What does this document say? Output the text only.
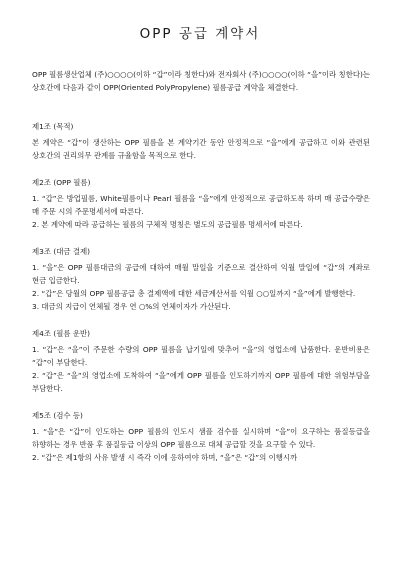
OPP 공급 계약서

OPP 필름생산업체 (주)○○○○(이하 “갑”이라 칭한다)와 전자회사 (주)○○○○(이하 “을”이라 칭한다)는 상호간에 다음과 같이 OPP(Oriented PolyPropylene) 필름공급 계약을 체결한다.

제1조 (목적)

본 계약은 “갑”이 생산하는 OPP 필름을 본 계약기간 동안 안정적으로 “을”에게 공급하고 이와 관련된 상호간의 권리의무 관계를 규율함을 목적으로 한다.

제2조 (OPP 필름)

1. “갑”은 방업필름, White필름이나 Pearl 필름을 “을”에게 안정적으로 공급하도록 하며 매 공급수량은 매 주문 시의 주문명세서에 따른다.

2. 본 계약에 따라 공급하는 필름의 구체적 명칭은 별도의 공급필름 명세서에 따른다.

제3조 (대금 결제)

1. “을”은 OPP 필름대금의 공급에 대하여 매월 말일을 기준으로 결산하여 익월 말일에 “갑”의 계좌로 현금 입금한다.

2. “갑”은 당월의 OPP 필름공급 총 결제액에 대한 세금계산서를 익월 ○○일까지 “을”에게 발행한다.

3. 대금의 지급이 연체될 경우 연 ○%의 연체이자가 가산된다.

제4조 (필름 운반)

1. “갑”은 “을”이 주문한 수량의 OPP 필름을 납기일에 맞추어 “을”의 영업소에 납품한다. 운반비용은 “갑”이 부담한다.

2. “갑”은 “을”의 영업소에 도착하여 “을”에게 OPP 필름을 인도하기까지 OPP 필름에 대한 위험부담을 부담한다.

제5조 (검수 등)

1. “을”은 “갑”이 인도하는 OPP 필름의 인도시 샘플 검수를 실시하며 “을”이 요구하는 품질등급을 하향하는 경우 반품 후 품질등급 이상의 OPP 필름으로 대체 공급할 것을 요구할 수 있다.

2. “갑”은 제1항의 사유 발생 시 즉각 이에 응하여야 하며, “을”은 “갑”의 이행시까
